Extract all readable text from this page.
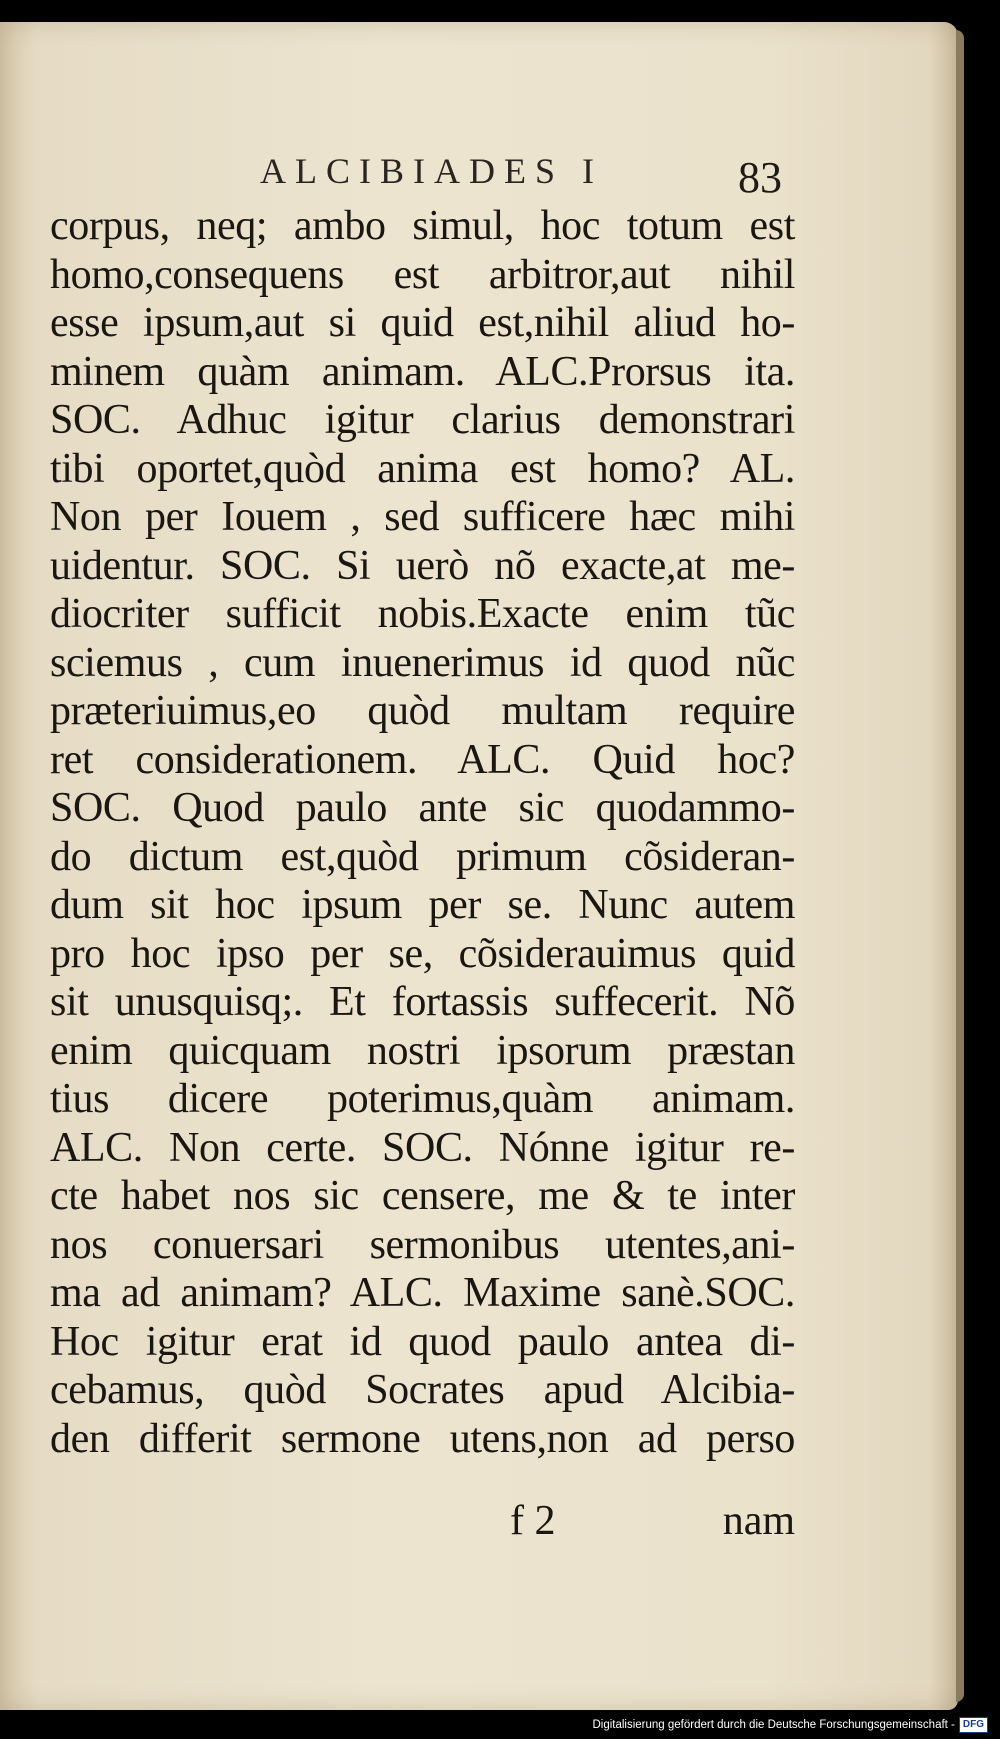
ALCIBIADES I	83
corpus, neq; ambo simul, hoc totum est
homo,consequens est arbitror,aut nihil
esse ipsum,aut si quid est,nihil aliud ho-
minem quàm animam. ALC.Prorsus ita.
SOC. Adhuc igitur clarius demonstrari
tibi oportet,quòd anima est homo? AL.
Non per Iouem , sed sufficere hæc mihi
uidentur. SOC. Si uerò nõ exacte,at me-
diocriter sufficit nobis.Exacte enim tũc
sciemus , cum inuenerimus id quod nũc
præteriuimus,eo quòd multam require
ret considerationem. ALC. Quid hoc?
SOC. Quod paulo ante sic quodammo-
do dictum est,quòd primum cõsideran-
dum sit hoc ipsum per se. Nunc autem
pro hoc ipso per se, cõsiderauimus quid
sit unusquisq;. Et fortassis suffecerit. Nõ
enim quicquam nostri ipsorum præstan
tius dicere poterimus,quàm animam.
ALC. Non certe. SOC. Nónne igitur re-
cte habet nos sic censere, me & te inter
nos conuersari sermonibus utentes,ani-
ma ad animam? ALC. Maxime sanè.SOC.
Hoc igitur erat id quod paulo antea di-
cebamus, quòd Socrates apud Alcibia-
den differit sermone utens,non ad perso
f 2	nam
Digitalisierung gefördert durch die Deutsche Forschungsgemeinschaft - DFG
